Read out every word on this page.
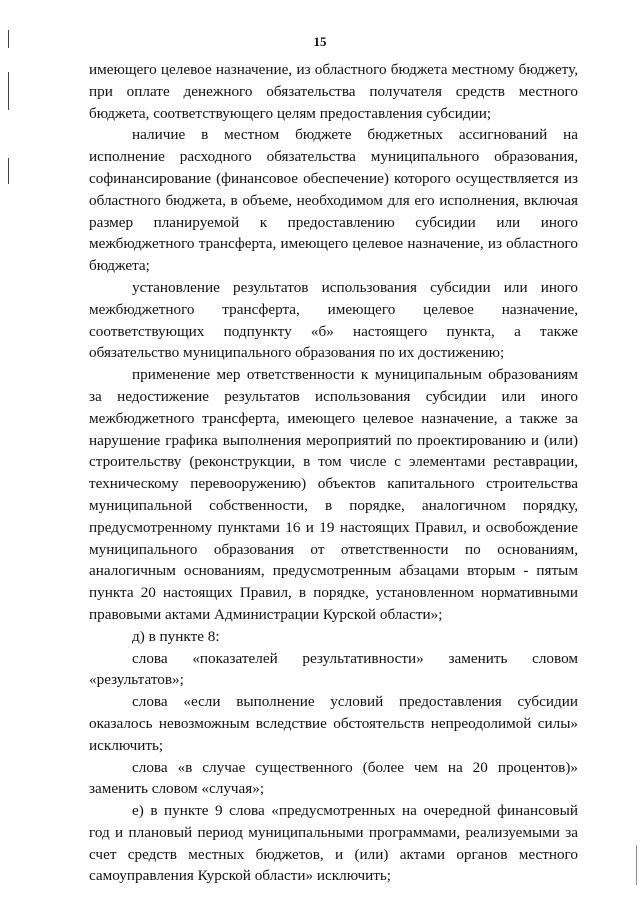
15

имеющего целевое назначение, из областного бюджета местному бюджету, при оплате денежного обязательства получателя средств местного бюджета, соответствующего целям предоставления субсидии;

наличие в местном бюджете бюджетных ассигнований на исполнение расходного обязательства муниципального образования, софинансирование (финансовое обеспечение) которого осуществляется из областного бюджета, в объеме, необходимом для его исполнения, включая размер планируемой к предоставлению субсидии или иного межбюджетного трансферта, имеющего целевое назначение, из областного бюджета;

установление результатов использования субсидии или иного межбюджетного трансферта, имеющего целевое назначение, соответствующих подпункту «б» настоящего пункта, а также обязательство муниципального образования по их достижению;

применение мер ответственности к муниципальным образованиям за недостижение результатов использования субсидии или иного межбюджетного трансферта, имеющего целевое назначение, а также за нарушение графика выполнения мероприятий по проектированию и (или) строительству (реконструкции, в том числе с элементами реставрации, техническому перевооружению) объектов капитального строительства муниципальной собственности, в порядке, аналогичном порядку, предусмотренному пунктами 16 и 19 настоящих Правил, и освобождение муниципального образования от ответственности по основаниям, аналогичным основаниям, предусмотренным абзацами вторым - пятым пункта 20 настоящих Правил, в порядке, установленном нормативными правовыми актами Администрации Курской области»;

д) в пункте 8:

слова «показателей результативности» заменить словом «результатов»;

слова «если выполнение условий предоставления субсидии оказалось невозможным вследствие обстоятельств непреодолимой силы» исключить;

слова «в случае существенного (более чем на 20 процентов)» заменить словом «случая»;

е) в пункте 9 слова «предусмотренных на очередной финансовый год и плановый период муниципальными программами, реализуемыми за счет средств местных бюджетов, и (или) актами органов местного самоуправления Курской области» исключить;
